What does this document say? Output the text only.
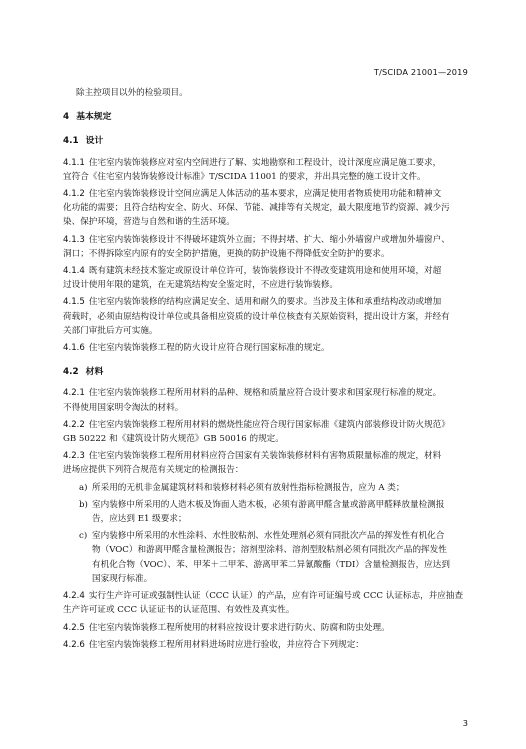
T/SCIDA 21001—2019

除主控项目以外的检验项目。

4 基本规定

4.1 设计

4.1.1 住宅室内装饰装修应对室内空间进行了解、实地勘察和工程设计，设计深度应满足施工要求，

宜符合《住宅室内装饰装修设计标准》T/SCIDA 11001 的要求，并出具完整的施工设计文件。

4.1.2 住宅室内装饰装修设计空间应满足人体活动的基本要求，应满足使用者物质使用功能和精神文

化功能的需要；且符合结构安全、防火、环保、节能、减排等有关规定，最大限度地节约资源、减少污

染、保护环境，营造与自然和谐的生活环境。

4.1.3 住宅室内装饰装修设计不得破坏建筑外立面；不得封堵、扩大、缩小外墙窗户或增加外墙窗户、

洞口；不得拆除室内原有的安全防护措施，更换的防护设施不得降低安全防护的要求。

4.1.4 既有建筑未经技术鉴定或原设计单位许可，装饰装修设计不得改变建筑用途和使用环境，对超

过设计使用年限的建筑，在无建筑结构安全鉴定时，不应进行装饰装修。

4.1.5 住宅室内装饰装修的结构应满足安全、适用和耐久的要求。当涉及主体和承重结构改动或增加

荷载时，必须由原结构设计单位或具备相应资质的设计单位核查有关原始资料，提出设计方案，并经有

关部门审批后方可实施。

4.1.6 住宅室内装饰装修工程的防火设计应符合现行国家标准的规定。

4.2 材料

4.2.1 住宅室内装饰装修工程所用材料的品种、规格和质量应符合设计要求和国家现行标准的规定。

不得使用国家明令淘汰的材料。

4.2.2 住宅室内装饰装修工程所用材料的燃烧性能应符合现行国家标准《建筑内部装修设计防火规范》

GB 50222 和《建筑设计防火规范》GB 50016 的规定。

4.2.3 住宅室内装饰装修工程所用材料应符合国家有关装饰装修材料有害物质限量标准的规定，材料

进场应提供下列符合规范有关规定的检测报告：

a) 所采用的无机非金属建筑材料和装修材料必须有放射性指标检测报告，应为 A 类；

b) 室内装修中所采用的人造木板及饰面人造木板，必须有游离甲醛含量或游离甲醛释放量检测报

告，应达到 E1 级要求；

c) 室内装修中所采用的水性涂料、水性胶粘剂、水性处理剂必须有同批次产品的挥发性有机化合

物（VOC）和游离甲醛含量检测报告；溶剂型涂料、溶剂型胶粘剂必须有同批次产品的挥发性

有机化合物（VOC）、苯、甲苯＋二甲苯、游离甲苯二异氰酸酯（TDI）含量检测报告，应达到

国家现行标准。

4.2.4 实行生产许可证或强制性认证（CCC 认证）的产品，应有许可证编号或 CCC 认证标志，并应抽查

生产许可证或 CCC 认证证书的认证范围、有效性及真实性。

4.2.5 住宅室内装饰装修工程所使用的材料应按设计要求进行防火、防腐和防虫处理。

4.2.6 住宅室内装饰装修工程所用材料进场时应进行验收，并应符合下列规定：

3
